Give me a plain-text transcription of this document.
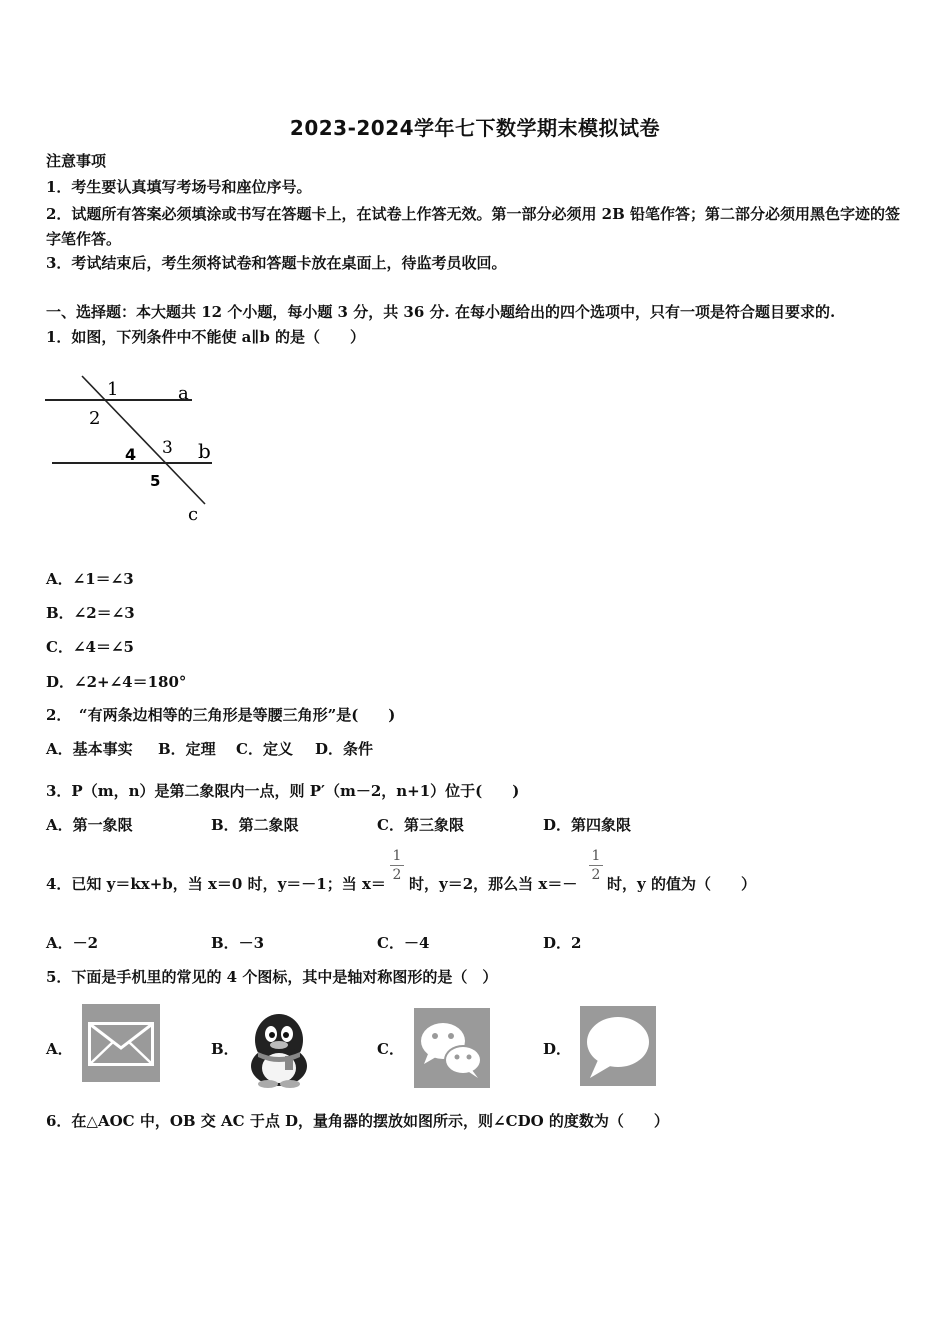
2023-2024学年七下数学期末模拟试卷
注意事项
1．考生要认真填写考场号和座位序号。
2．试题所有答案必须填涂或书写在答题卡上，在试卷上作答无效。第一部分必须用 2B 铅笔作答；第二部分必须用黑色字迹的签字笔作答。
3．考试结束后，考生须将试卷和答题卡放在桌面上，待监考员收回。
一、选择题：本大题共 12 个小题，每小题 3 分，共 36 分. 在每小题给出的四个选项中，只有一项是符合题目要求的.
1．如图，下列条件中不能使 a∥b 的是（　　）
a
b
c
1
2
3
4
5
A．∠1＝∠3
B．∠2＝∠3
C．∠4＝∠5
D．∠2+∠4＝180°
2．　“有两条边相等的三角形是等腰三角形”是(　　)
A．基本事实 B．定理 C．定义 D．条件
3．P（m，n）是第二象限内一点，则 P′（m－2，n+1）位于(　　)
A．第一象限	B．第二象限	C．第三象限	D．第四象限
4．已知 y＝kx+b，当 x＝0 时，y＝－1；当 x＝
1
2 时，y＝2，那么当 x＝－
1
2 时，y 的值为（　　）
A．－2	B．－3	C．－4	D．2
5．下面是手机里的常见的 4 个图标，其中是轴对称图形的是（　）
A．	B．	C．	D．
6．在△AOC 中，OB 交 AC 于点 D，量角器的摆放如图所示，则∠CDO 的度数为（　　）
